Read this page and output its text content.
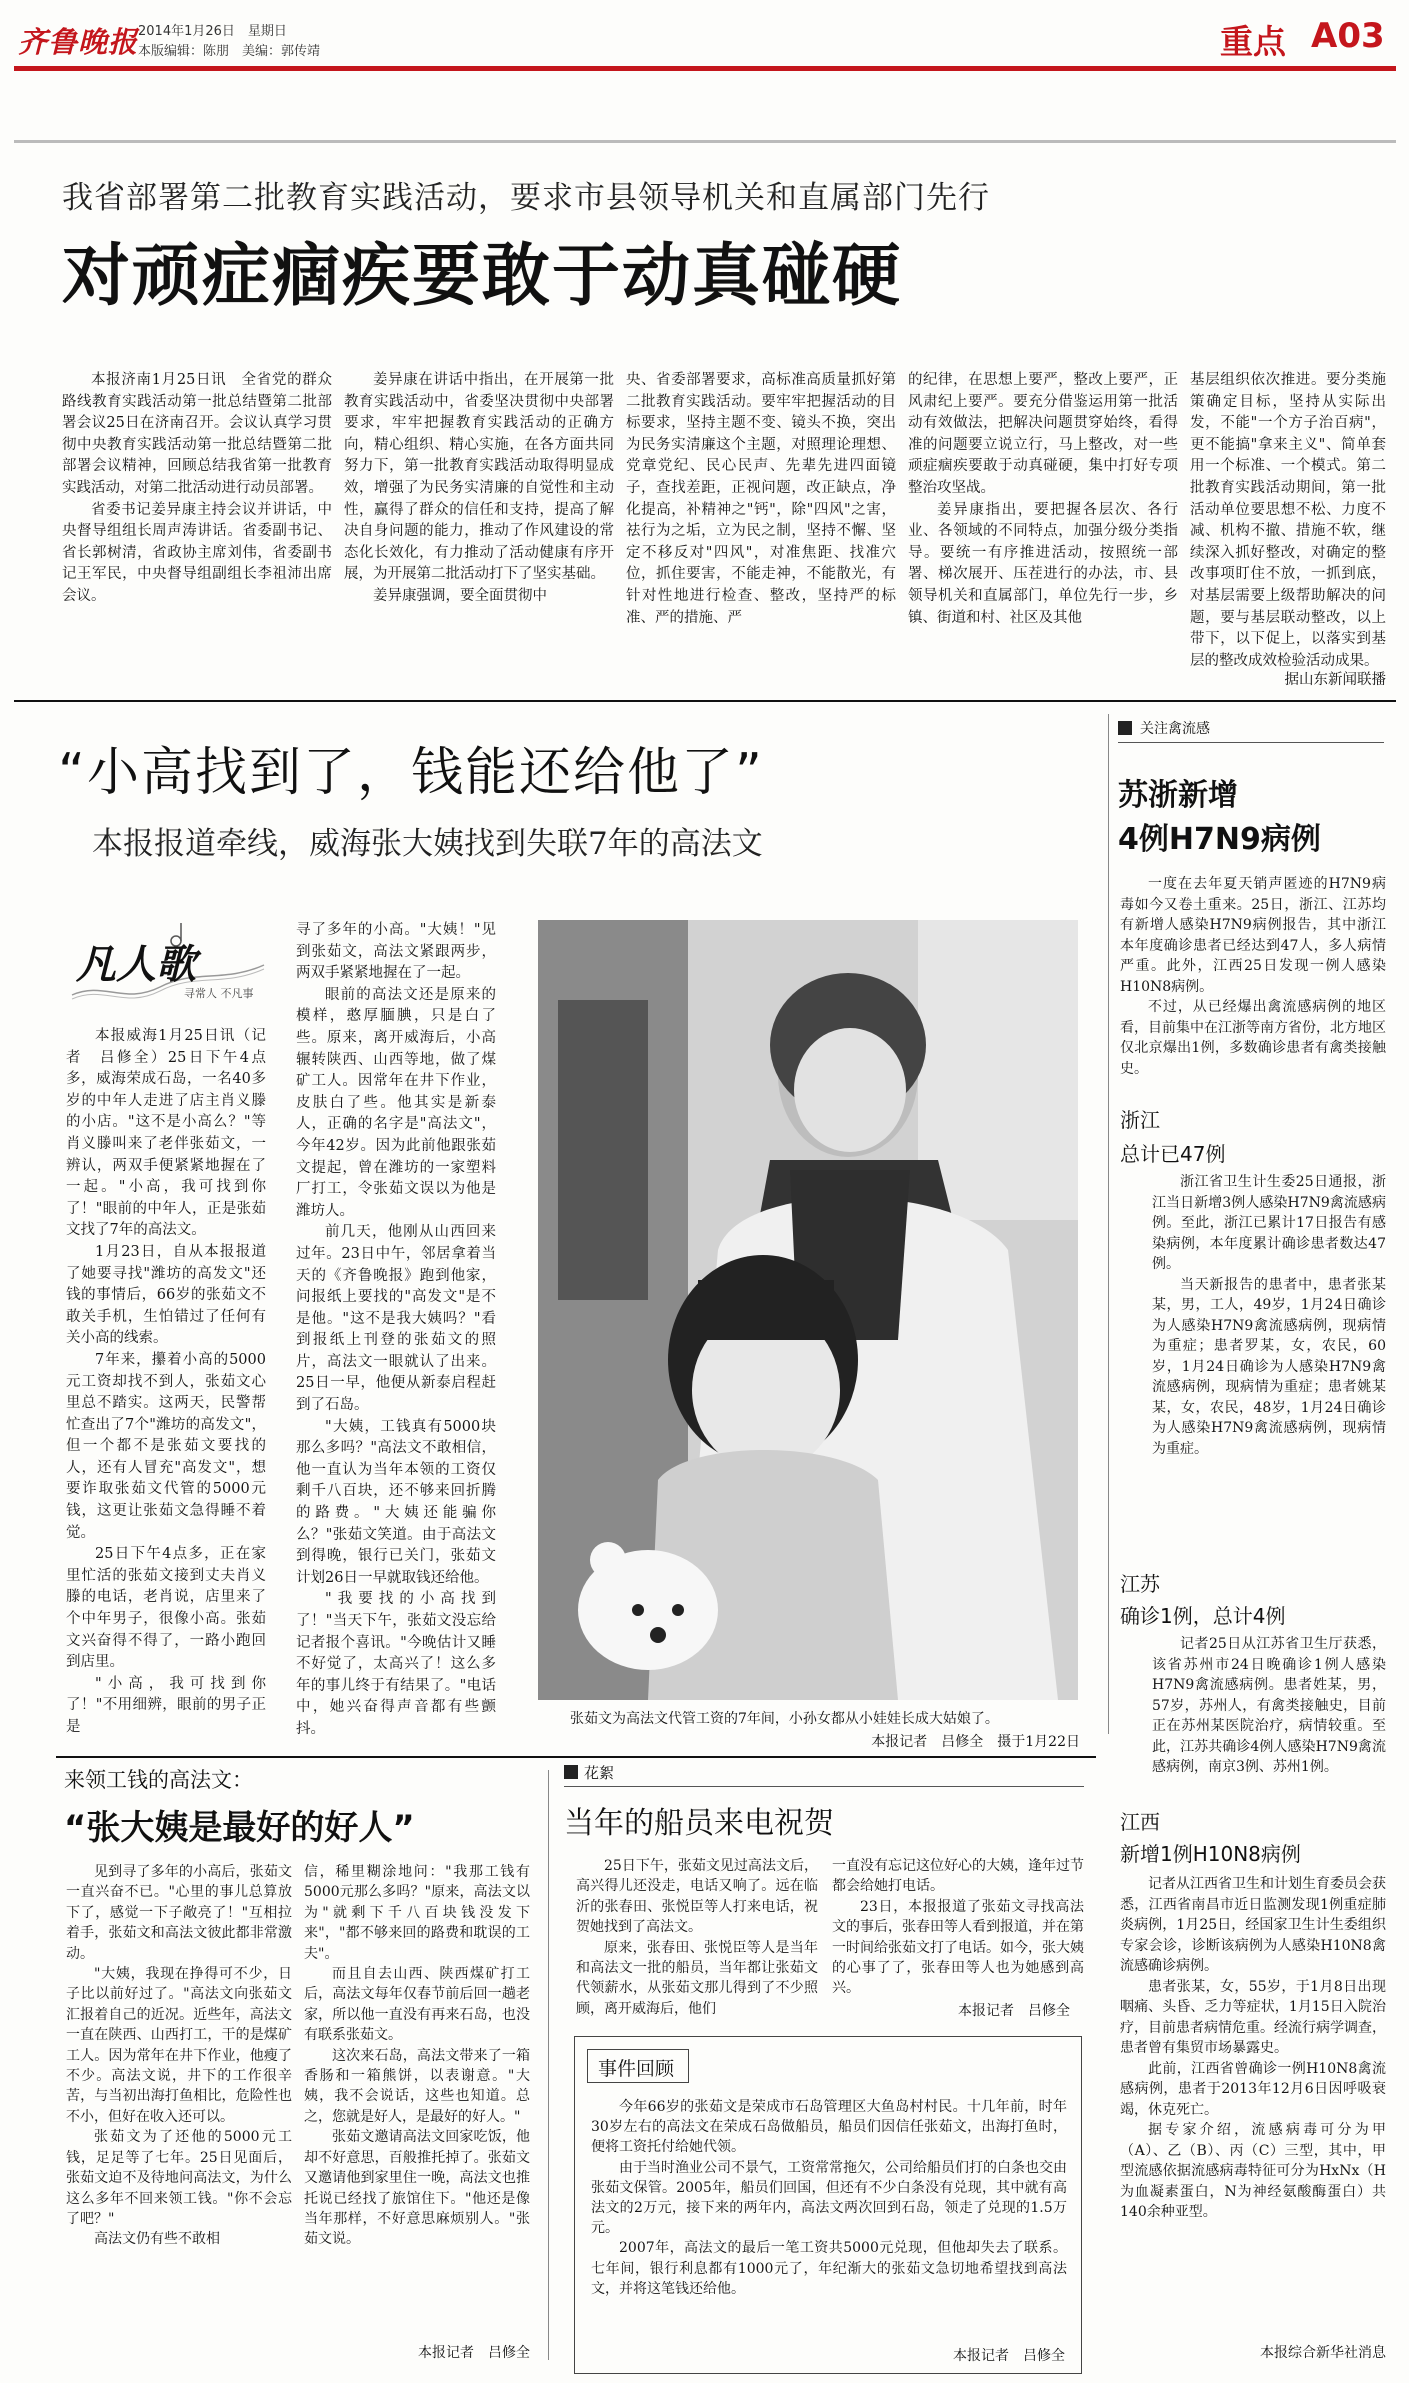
齐鲁晚报 2014年1月26日　星期日
本版编辑：陈朋　美编：郭传靖	重点 A03
我省部署第二批教育实践活动，要求市县领导机关和直属部门先行
对顽症痼疾要敢于动真碰硬

本报济南1月25日讯　全省党的群众路线教育实践活动第一批总结暨第二批部署会议25日在济南召开。会议认真学习贯彻中央教育实践活动第一批总结暨第二批部署会议精神，回顾总结我省第一批教育实践活动，对第二批活动进行动员部署。

省委书记姜异康主持会议并讲话，中央督导组组长周声涛讲话。省委副书记、省长郭树清，省政协主席刘伟，省委副书记王军民，中央督导组副组长李祖沛出席会议。

姜异康在讲话中指出，在开展第一批教育实践活动中，省委坚决贯彻中央部署要求，牢牢把握教育实践活动的正确方向，精心组织、精心实施，在各方面共同努力下，第一批教育实践活动取得明显成效，增强了为民务实清廉的自觉性和主动性，赢得了群众的信任和支持，提高了解决自身问题的能力，推动了作风建设的常态化长效化，有力推动了活动健康有序开展，为开展第二批活动打下了坚实基础。

姜异康强调，要全面贯彻中

央、省委部署要求，高标准高质量抓好第二批教育实践活动。要牢牢把握活动的目标要求，坚持主题不变、镜头不换，突出为民务实清廉这个主题，对照理论理想、党章党纪、民心民声、先辈先进四面镜子，查找差距，正视问题，改正缺点，净化提高，补精神之"钙"，除"四风"之害，祛行为之垢，立为民之制，坚持不懈、坚定不移反对"四风"，对准焦距、找准穴位，抓住要害，不能走神，不能散光，有针对性地进行检查、整改，坚持严的标准、严的措施、严

的纪律，在思想上要严，整改上要严，正风肃纪上要严。要充分借鉴运用第一批活动有效做法，把解决问题贯穿始终，看得准的问题要立说立行，马上整改，对一些顽症痼疾要敢于动真碰硬，集中打好专项整治攻坚战。

姜异康指出，要把握各层次、各行业、各领域的不同特点，加强分级分类指导。要统一有序推进活动，按照统一部署、梯次展开、压茬进行的办法，市、县领导机关和直属部门，单位先行一步，乡镇、街道和村、社区及其他

基层组织依次推进。要分类施策确定目标，坚持从实际出发，不能"一个方子治百病"，更不能搞"拿来主义"、简单套用一个标准、一个模式。第二批教育实践活动期间，第一批活动单位要思想不松、力度不减、机构不撤、措施不软，继续深入抓好整改，对确定的整改事项盯住不放，一抓到底，对基层需要上级帮助解决的问题，要与基层联动整改，以上带下，以下促上，以落实到基层的整改成效检验活动成果。

据山东新闻联播
“小高找到了，钱能还给他了”
本报报道牵线，威海张大姨找到失联7年的高法文
凡人歌
寻常人 不凡事

本报威海1月25日讯（记者　吕修全）25日下午4点多，威海荣成石岛，一名40多岁的中年人走进了店主肖义滕的小店。"这不是小高么？"等肖义滕叫来了老伴张茹文，一辨认，两双手便紧紧地握在了一起。"小高，我可找到你了！"眼前的中年人，正是张茹文找了7年的高法文。

1月23日，自从本报报道了她要寻找"潍坊的高发文"还钱的事情后，66岁的张茹文不敢关手机，生怕错过了任何有关小高的线索。

7年来，攥着小高的5000元工资却找不到人，张茹文心里总不踏实。这两天，民警帮忙查出了7个"潍坊的高发文"，但一个都不是张茹文要找的人，还有人冒充"高发文"，想要诈取张茹文代管的5000元钱，这更让张茹文急得睡不着觉。

25日下午4点多，正在家里忙活的张茹文接到丈夫肖义滕的电话，老肖说，店里来了个中年男子，很像小高。张茹文兴奋得不得了，一路小跑回到店里。

"小高，我可找到你了！"不用细辨，眼前的男子正是

寻了多年的小高。"大姨！"见到张茹文，高法文紧跟两步，两双手紧紧地握在了一起。

眼前的高法文还是原来的模样，憨厚腼腆，只是白了些。原来，离开威海后，小高辗转陕西、山西等地，做了煤矿工人。因常年在井下作业，皮肤白了些。他其实是新泰人，正确的名字是"高法文"，今年42岁。因为此前他跟张茹文提起，曾在潍坊的一家塑料厂打工，令张茹文误以为他是潍坊人。

前几天，他刚从山西回来过年。23日中午，邻居拿着当天的《齐鲁晚报》跑到他家，问报纸上要找的"高发文"是不是他。"这不是我大姨吗？"看到报纸上刊登的张茹文的照片，高法文一眼就认了出来。25日一早，他便从新泰启程赶到了石岛。

"大姨，工钱真有5000块那么多吗？"高法文不敢相信，他一直认为当年本领的工资仅剩千八百块，还不够来回折腾的路费。"大姨还能骗你么？"张茹文笑道。由于高法文到得晚，银行已关门，张茹文计划26日一早就取钱还给他。

"我要找的小高找到了！"当天下午，张茹文没忘给记者报个喜讯。"今晚估计又睡不好觉了，太高兴了！这么多年的事儿终于有结果了。"电话中，她兴奋得声音都有些颤抖。

张茹文为高法文代管工资的7年间，小孙女都从小娃娃长成大姑娘了。
本报记者　吕修全　摄于1月22日
关注禽流感
苏浙新增
4例H7N9病例

一度在去年夏天销声匿迹的H7N9病毒如今又卷土重来。25日，浙江、江苏均有新增人感染H7N9病例报告，其中浙江本年度确诊患者已经达到47人，多人病情严重。此外，江西25日发现一例人感染H10N8病例。

不过，从已经爆出禽流感病例的地区看，目前集中在江浙等南方省份，北方地区仅北京爆出1例，多数确诊患者有禽类接触史。

浙江
总计已47例

浙江省卫生计生委25日通报，浙江当日新增3例人感染H7N9禽流感病例。至此，浙江已累计17日报告有感染病例，本年度累计确诊患者数达47例。

当天新报告的患者中，患者张某某，男，工人，49岁，1月24日确诊为人感染H7N9禽流感病例，现病情为重症；患者罗某，女，农民，60岁，1月24日确诊为人感染H7N9禽流感病例，现病情为重症；患者姚某某，女，农民，48岁，1月24日确诊为人感染H7N9禽流感病例，现病情为重症。

江苏
确诊1例，总计4例

记者25日从江苏省卫生厅获悉，该省苏州市24日晚确诊1例人感染H7N9禽流感病例。患者姓某，男，57岁，苏州人，有禽类接触史，目前正在苏州某医院治疗，病情较重。至此，江苏共确诊4例人感染H7N9禽流感病例，南京3例、苏州1例。

江西
新增1例H10N8病例

记者从江西省卫生和计划生育委员会获悉，江西省南昌市近日监测发现1例重症肺炎病例，1月25日，经国家卫生计生委组织专家会诊，诊断该病例为人感染H10N8禽流感确诊病例。

患者张某，女，55岁，于1月8日出现咽痛、头昏、乏力等症状，1月15日入院治疗，目前患者病情危重。经流行病学调查，患者曾有集贸市场暴露史。

此前，江西省曾确诊一例H10N8禽流感病例，患者于2013年12月6日因呼吸衰竭，休克死亡。

据专家介绍，流感病毒可分为甲（A）、乙（B）、丙（C）三型，其中，甲型流感依据流感病毒特征可分为HxNx（H为血凝素蛋白，N为神经氨酸酶蛋白）共140余种亚型。

本报综合新华社消息
来领工钱的高法文：
“张大姨是最好的好人”

见到寻了多年的小高后，张茹文一直兴奋不已。"心里的事儿总算放下了，感觉一下子敞亮了！"互相拉着手，张茹文和高法文彼此都非常激动。

"大姨，我现在挣得可不少，日子比以前好过了。"高法文向张茹文汇报着自己的近况。近些年，高法文一直在陕西、山西打工，干的是煤矿工人。因为常年在井下作业，他瘦了不少。高法文说，井下的工作很辛苦，与当初出海打鱼相比，危险性也不小，但好在收入还可以。

张茹文为了还他的5000元工钱，足足等了七年。25日见面后，张茹文迫不及待地问高法文，为什么这么多年不回来领工钱。"你不会忘了吧？"

高法文仍有些不敢相

信，稀里糊涂地问："我那工钱有5000元那么多吗？"原来，高法文以为"就剩下千八百块钱没发下来"，"都不够来回的路费和耽误的工夫"。

而且自去山西、陕西煤矿打工后，高法文每年仅春节前后回一趟老家，所以他一直没有再来石岛，也没有联系张茹文。

这次来石岛，高法文带来了一箱香肠和一箱熊饼，以表谢意。"大姨，我不会说话，这些也知道。总之，您就是好人，是最好的好人。"

张茹文邀请高法文回家吃饭，他却不好意思，百般推托掉了。张茹文又邀请他到家里住一晚，高法文也推托说已经找了旅馆住下。"他还是像当年那样，不好意思麻烦别人。"张茹文说。

本报记者　吕修全
花絮
当年的船员来电祝贺

25日下午，张茹文见过高法文后，高兴得儿还没走，电话又响了。远在临沂的张春田、张悦臣等人打来电话，祝贺她找到了高法文。

原来，张春田、张悦臣等人是当年和高法文一批的船员，当年都让张茹文代领薪水，从张茹文那儿得到了不少照顾，离开威海后，他们

一直没有忘记这位好心的大姨，逢年过节都会给她打电话。

23日，本报报道了张茹文寻找高法文的事后，张春田等人看到报道，并在第一时间给张茹文打了电话。如今，张大姨的心事了了，张春田等人也为她感到高兴。

本报记者　吕修全
事件回顾

今年66岁的张茹文是荣成市石岛管理区大鱼岛村村民。十几年前，时年30岁左右的高法文在荣成石岛做船员，船员们因信任张茹文，出海打鱼时，便将工资托付给她代领。

由于当时渔业公司不景气，工资常常拖欠，公司给船员们打的白条也交由张茹文保管。2005年，船员们回国，但还有不少白条没有兑现，其中就有高法文的2万元，接下来的两年内，高法文两次回到石岛，领走了兑现的1.5万元。

2007年，高法文的最后一笔工资共5000元兑现，但他却失去了联系。七年间，银行利息都有1000元了，年纪渐大的张茹文急切地希望找到高法文，并将这笔钱还给他。

本报记者　吕修全
